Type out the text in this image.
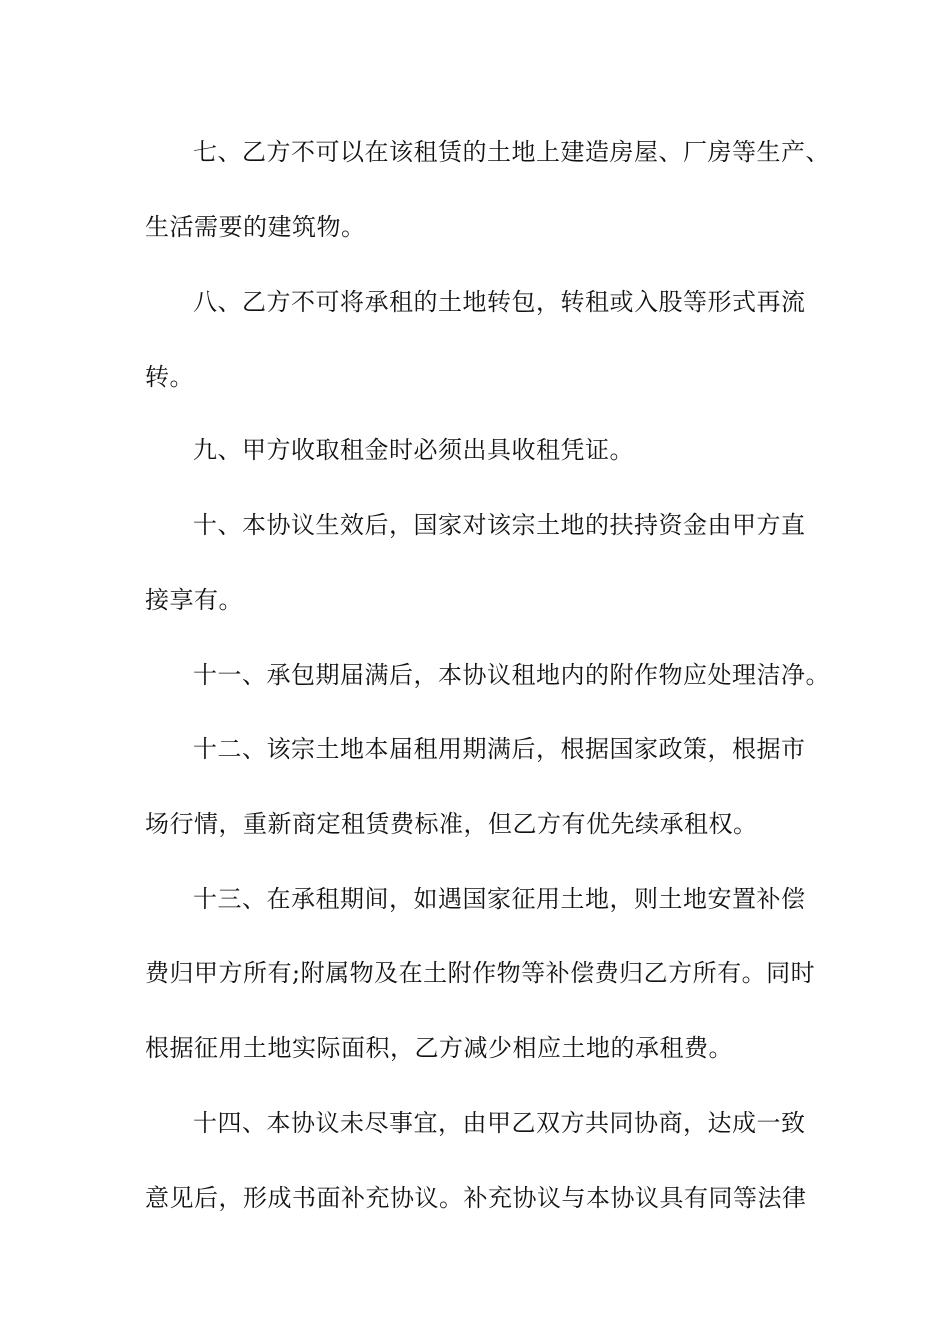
七、乙方不可以在该租赁的土地上建造房屋、厂房等生产、
生活需要的建筑物。
八、乙方不可将承租的土地转包，转租或入股等形式再流
转。
九、甲方收取租金时必须出具收租凭证。
十、本协议生效后，国家对该宗土地的扶持资金由甲方直
接享有。
十一、承包期届满后，本协议租地内的附作物应处理洁净。
十二、该宗土地本届租用期满后，根据国家政策，根据市
场行情，重新商定租赁费标准，但乙方有优先续承租权。
十三、在承租期间，如遇国家征用土地，则土地安置补偿
费归甲方所有;附属物及在土附作物等补偿费归乙方所有。同时
根据征用土地实际面积，乙方减少相应土地的承租费。
十四、本协议未尽事宜，由甲乙双方共同协商，达成一致
意见后，形成书面补充协议。补充协议与本协议具有同等法律
